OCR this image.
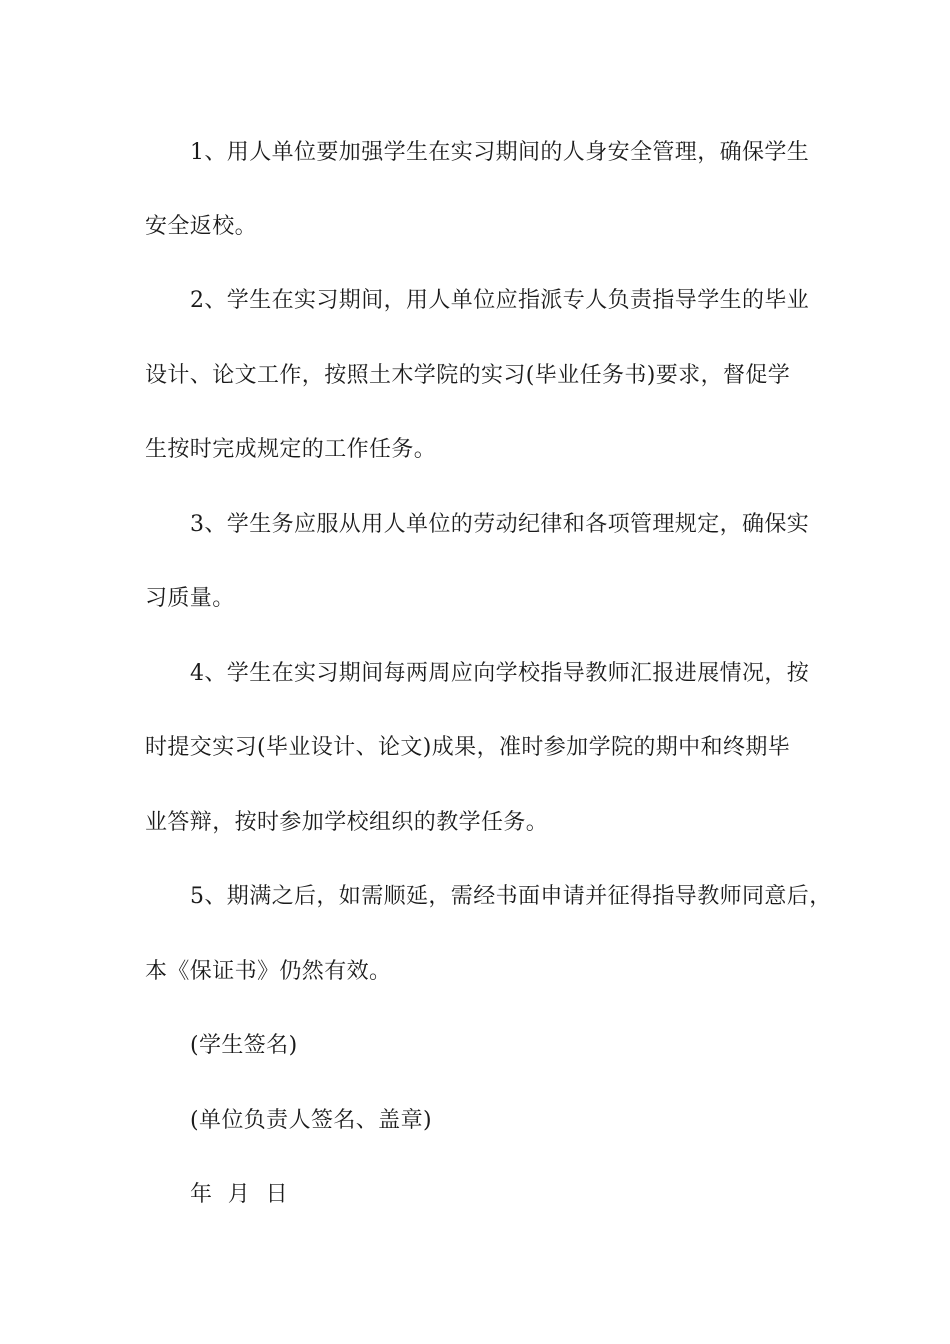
1、用人单位要加强学生在实习期间的人身安全管理，确保学生
安全返校。
2、学生在实习期间，用人单位应指派专人负责指导学生的毕业
设计、论文工作，按照土木学院的实习(毕业任务书)要求，督促学
生按时完成规定的工作任务。
3、学生务应服从用人单位的劳动纪律和各项管理规定，确保实
习质量。
4、学生在实习期间每两周应向学校指导教师汇报进展情况，按
时提交实习(毕业设计、论文)成果，准时参加学院的期中和终期毕
业答辩，按时参加学校组织的教学任务。
5、期满之后，如需顺延，需经书面申请并征得指导教师同意后，
本《保证书》仍然有效。
(学生签名)
(单位负责人签名、盖章)
年 月 日
